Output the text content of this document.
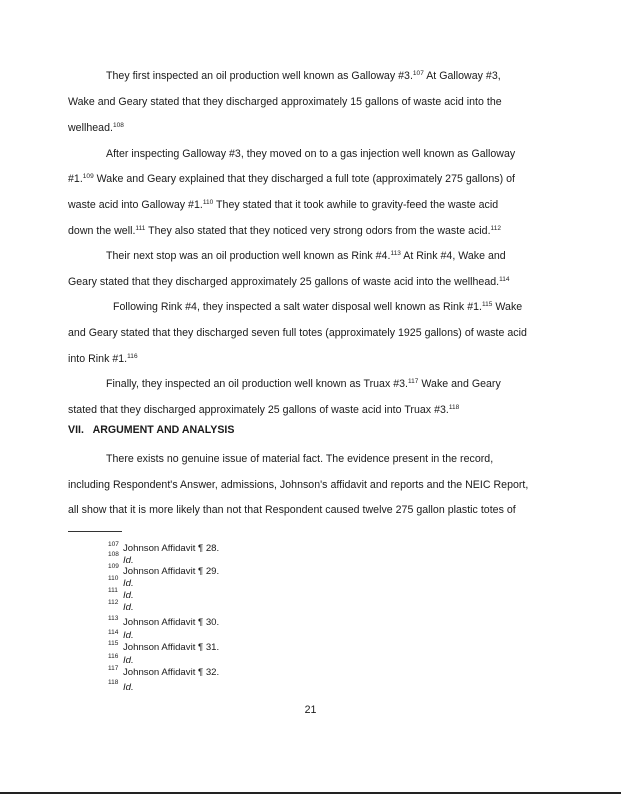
They first inspected an oil production well known as Galloway #3.$^{107}$ At Galloway #3,
Wake and Geary stated that they discharged approximately 15 gallons of waste acid into the
wellhead.$^{108}$
After inspecting Galloway #3, they moved on to a gas injection well known as Galloway
#1.$^{109}$ Wake and Geary explained that they discharged a full tote (approximately 275 gallons) of
waste acid into Galloway #1.$^{110}$ They stated that it took awhile to gravity-feed the waste acid
down the well.$^{111}$ They also stated that they noticed very strong odors from the waste acid.$^{112}$
Their next stop was an oil production well known as Rink #4.$^{113}$ At Rink #4, Wake and
Geary stated that they discharged approximately 25 gallons of waste acid into the wellhead.$^{114}$
Following Rink #4, they inspected a salt water disposal well known as Rink #1.$^{115}$ Wake
and Geary stated that they discharged seven full totes (approximately 1925 gallons) of waste acid
into Rink #1.$^{116}$
Finally, they inspected an oil production well known as Truax #3.$^{117}$ Wake and Geary
stated that they discharged approximately 25 gallons of waste acid into Truax #3.$^{118}$
VII. ARGUMENT AND ANALYSIS
There exists no genuine issue of material fact. The evidence present in the record,
including Respondent's Answer, admissions, Johnson's affidavit and reports and the NEIC Report,
all show that it is more likely than not that Respondent caused twelve 275 gallon plastic totes of
107 Johnson Affidavit ¶ 28.
108
Id.
109 Johnson Affidavit ¶ 29.
110 Id.
111 Id.
112 Id.
113 Johnson Affidavit ¶ 30.
114 Id.
115 Johnson Affidavit ¶ 31.
116 Id.
117 Johnson Affidavit ¶ 32.
118 Id.
21
